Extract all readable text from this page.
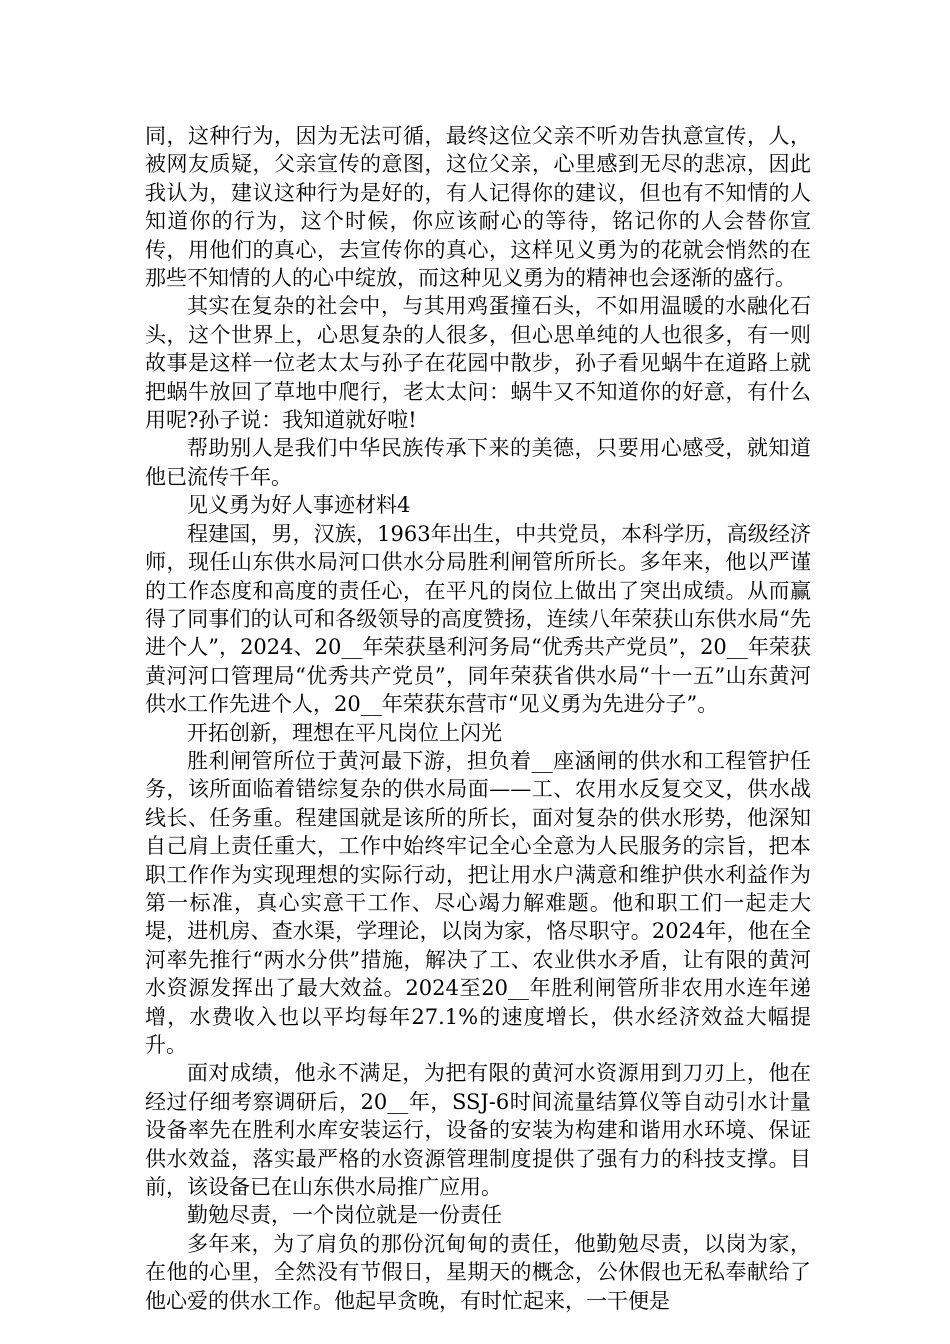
同，这种行为，因为无法可循，最终这位父亲不听劝告执意宣传，人，被网友质疑，父亲宣传的意图，这位父亲，心里感到无尽的悲凉，因此我认为，建议这种行为是好的，有人记得你的建议，但也有不知情的人知道你的行为，这个时候，你应该耐心的等待，铭记你的人会替你宣传，用他们的真心，去宣传你的真心，这样见义勇为的花就会悄然的在那些不知情的人的心中绽放，而这种见义勇为的精神也会逐渐的盛行。

其实在复杂的社会中，与其用鸡蛋撞石头，不如用温暖的水融化石头，这个世界上，心思复杂的人很多，但心思单纯的人也很多，有一则故事是这样一位老太太与孙子在花园中散步，孙子看见蜗牛在道路上就把蜗牛放回了草地中爬行，老太太问：蜗牛又不知道你的好意，有什么用呢?孙子说：我知道就好啦!

帮助别人是我们中华民族传承下来的美德，只要用心感受，就知道他已流传千年。

见义勇为好人事迹材料4

程建国，男，汉族，1963年出生，中共党员，本科学历，高级经济师，现任山东供水局河口供水分局胜利闸管所所长。多年来，他以严谨的工作态度和高度的责任心，在平凡的岗位上做出了突出成绩。从而赢得了同事们的认可和各级领导的高度赞扬，连续八年荣获山东供水局“先进个人”，2024、20__年荣获垦利河务局“优秀共产党员”，20__年荣获黄河河口管理局“优秀共产党员”，同年荣获省供水局“十一五”山东黄河供水工作先进个人，20__年荣获东营市“见义勇为先进分子”。

开拓创新，理想在平凡岗位上闪光

胜利闸管所位于黄河最下游，担负着__座涵闸的供水和工程管护任务，该所面临着错综复杂的供水局面——工、农用水反复交叉，供水战线长、任务重。程建国就是该所的所长，面对复杂的供水形势，他深知自己肩上责任重大，工作中始终牢记全心全意为人民服务的宗旨，把本职工作作为实现理想的实际行动，把让用水户满意和维护供水利益作为第一标准，真心实意干工作、尽心竭力解难题。他和职工们一起走大堤，进机房、查水渠，学理论，以岗为家，恪尽职守。2024年，他在全河率先推行“两水分供”措施，解决了工、农业供水矛盾，让有限的黄河水资源发挥出了最大效益。2024至20__年胜利闸管所非农用水连年递增，水费收入也以平均每年27.1%的速度增长，供水经济效益大幅提升。

面对成绩，他永不满足，为把有限的黄河水资源用到刀刃上，他在经过仔细考察调研后，20__年，SSJ-6时间流量结算仪等自动引水计量设备率先在胜利水库安装运行，设备的安装为构建和谐用水环境、保证供水效益，落实最严格的水资源管理制度提供了强有力的科技支撑。目前，该设备已在山东供水局推广应用。

勤勉尽责，一个岗位就是一份责任

多年来，为了肩负的那份沉甸甸的责任，他勤勉尽责，以岗为家，在他的心里，全然没有节假日，星期天的概念，公休假也无私奉献给了他心爱的供水工作。他起早贪晚，有时忙起来，一干便是
